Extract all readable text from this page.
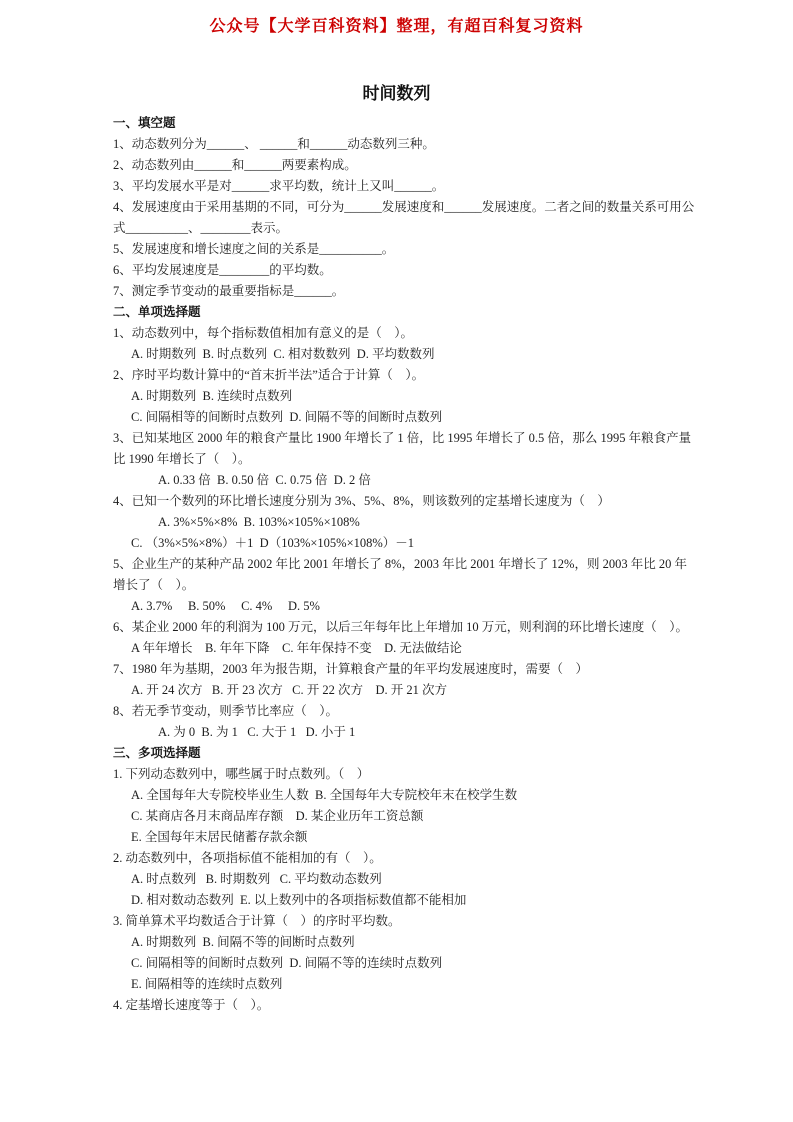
公众号【大学百科资料】整理，有超百科复习资料
时间数列
一、填空题
1、动态数列分为______、 ______和______动态数列三种。
2、动态数列由______和______两要素构成。
3、平均发展水平是对______求平均数，统计上又叫______。
4、发展速度由于采用基期的不同，可分为______发展速度和______发展速度。二者之间的数量关系可用公
式__________、________表示。
5、发展速度和增长速度之间的关系是__________。
6、平均发展速度是________的平均数。
7、测定季节变动的最重要指标是______。
二、单项选择题
1、动态数列中，每个指标数值相加有意义的是（　）。
A. 时期数列  B. 时点数列  C. 相对数数列  D. 平均数数列
2、序时平均数计算中的“首末折半法”适合于计算（　）。
A. 时期数列  B. 连续时点数列
C. 间隔相等的间断时点数列  D. 间隔不等的间断时点数列
3、已知某地区 2000 年的粮食产量比 1900 年增长了 1 倍，比 1995 年增长了 0.5 倍，那么 1995 年粮食产量
比 1990 年增长了（　）。
A. 0.33 倍  B. 0.50 倍  C. 0.75 倍  D. 2 倍
4、已知一个数列的环比增长速度分别为 3%、5%、8%，则该数列的定基增长速度为（　）
A. 3%×5%×8%  B. 103%×105%×108%
C. （3%×5%×8%）＋1  D（103%×105%×108%）－1
5、企业生产的某种产品 2002 年比 2001 年增长了 8%，2003 年比 2001 年增长了 12%，则 2003 年比 20 年
增长了（　）。
A. 3.7%     B. 50%     C. 4%     D. 5%
6、某企业 2000 年的利润为 100 万元，以后三年每年比上年增加 10 万元，则利润的环比增长速度（　）。
A 年年增长    B. 年年下降    C. 年年保持不变    D. 无法做结论
7、1980 年为基期，2003 年为报告期，计算粮食产量的年平均发展速度时，需要（　）
A. 开 24 次方   B. 开 23 次方   C. 开 22 次方    D. 开 21 次方
8、若无季节变动，则季节比率应（　）。
A. 为 0  B. 为 1   C. 大于 1   D. 小于 1
三、多项选择题
1. 下列动态数列中，哪些属于时点数列。（　）
A. 全国每年大专院校毕业生人数  B. 全国每年大专院校年末在校学生数
C. 某商店各月末商品库存额    D. 某企业历年工资总额
E. 全国每年末居民储蓄存款余额
2. 动态数列中，各项指标值不能相加的有（　）。
A. 时点数列   B. 时期数列   C. 平均数动态数列
D. 相对数动态数列  E. 以上数列中的各项指标数值都不能相加
3. 简单算术平均数适合于计算（　）的序时平均数。
A. 时期数列  B. 间隔不等的间断时点数列
C. 间隔相等的间断时点数列  D. 间隔不等的连续时点数列
E. 间隔相等的连续时点数列
4. 定基增长速度等于（　）。
